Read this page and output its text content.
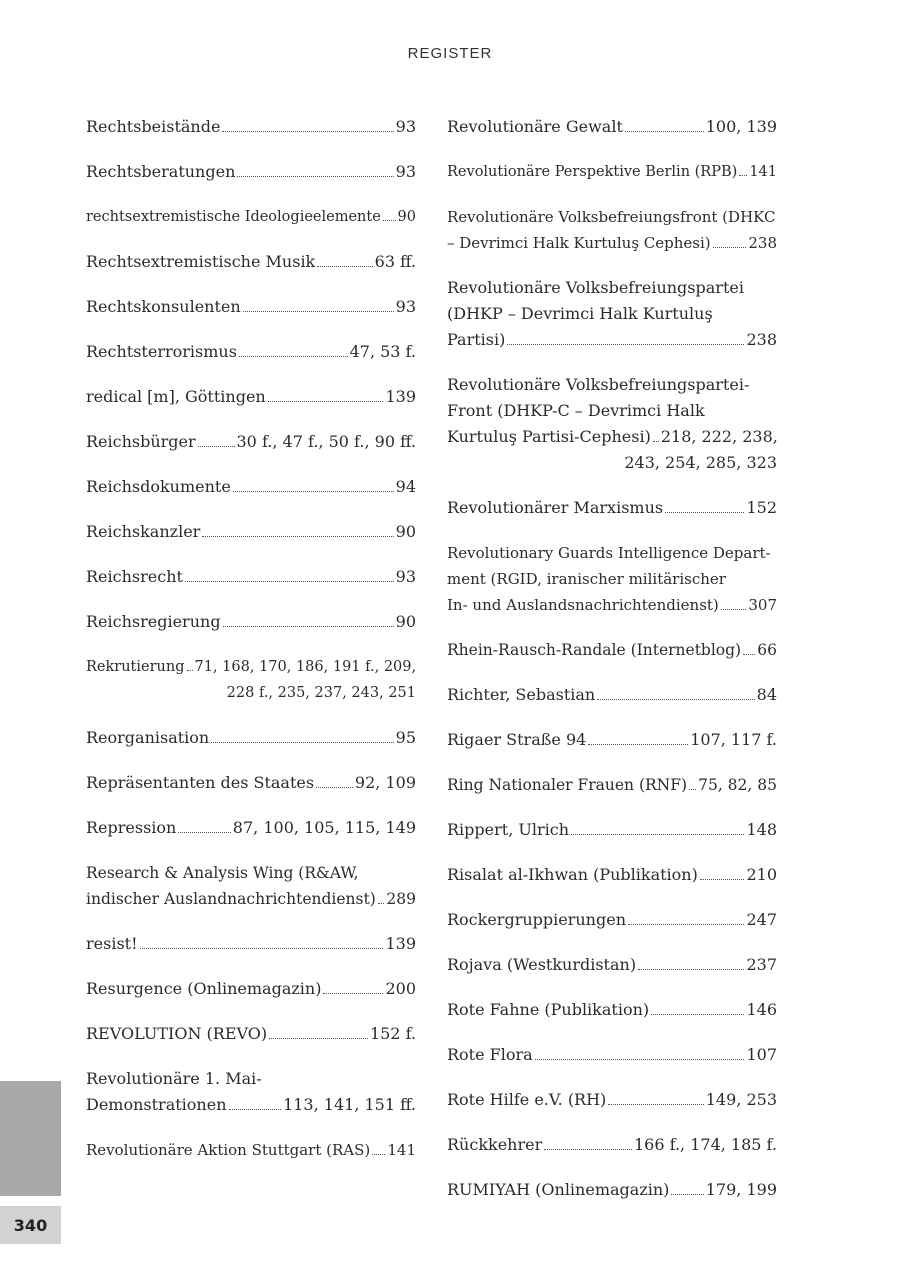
REGISTER
Rechtsbeistände	93
Rechtsberatungen	93
rechtsextremistische Ideologieelemente 90
Rechtsextremistische Musik	63 ff.
Rechtskonsulenten	93
Rechtsterrorismus	47, 53 f.
redical [m], Göttingen	139
Reichsbürger	30 f., 47 f., 50 f., 90 ff.
Reichsdokumente	94
Reichskanzler	90
Reichsrecht	93
Reichsregierung	90
Rekrutierung 71, 168, 170, 186, 191 f., 209,
228 f., 235, 237, 243, 251
Reorganisation	95
Repräsentanten des Staates	92, 109
Repression	87, 100, 105, 115, 149
Research & Analysis Wing (R&AW,
indischer Auslandnachrichtendienst) 289
resist!	139
Resurgence (Onlinemagazin)	200
REVOLUTION (REVO)	152 f.
Revolutionäre 1. Mai-
Demonstrationen	113, 141, 151 ff.
Revolutionäre Aktion Stuttgart (RAS) 141
Revolutionäre Gewalt	100, 139
Revolutionäre Perspektive Berlin (RPB) 141
Revolutionäre Volksbefreiungsfront (DHKC
– Devrimci Halk Kurtuluş Cephesi)	238
Revolutionäre Volksbefreiungspartei
(DHKP – Devrimci Halk Kurtuluş
Partisi)	238
Revolutionäre Volksbefreiungspartei-
Front (DHKP-C – Devrimci Halk
Kurtuluş Partisi-Cephesi) 218, 222, 238,
243, 254, 285, 323
Revolutionärer Marxismus	152
Revolutionary Guards Intelligence Depart-
ment (RGID, iranischer militärischer
In- und Auslandsnachrichtendienst) 307
Rhein-Rausch-Randale (Internetblog) 66
Richter, Sebastian	84
Rigaer Straße 94	107, 117 f.
Ring Nationaler Frauen (RNF) 75, 82, 85
Rippert, Ulrich	148
Risalat al-Ikhwan (Publikation)	210
Rockergruppierungen	247
Rojava (Westkurdistan)	237
Rote Fahne (Publikation)	146
Rote Flora	107
Rote Hilfe e.V. (RH)	149, 253
Rückkehrer	166 f., 174, 185 f.
RUMIYAH (Onlinemagazin) 179, 199
340
